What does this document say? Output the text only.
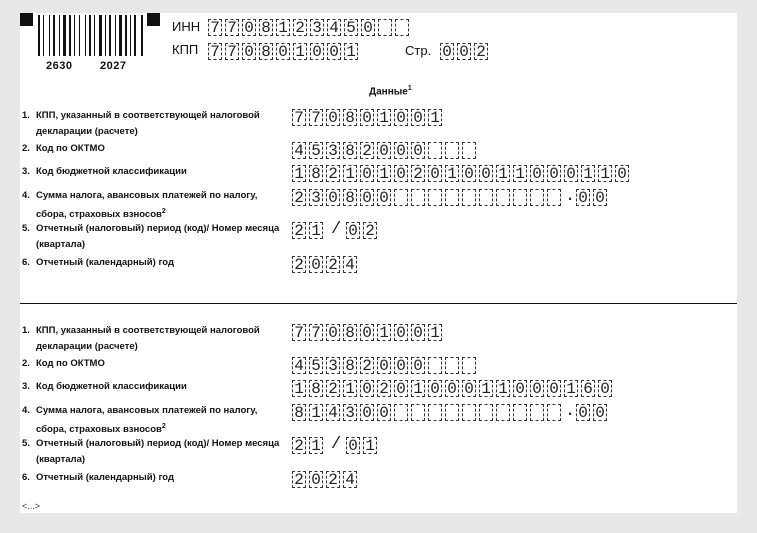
2630	2027
ИНН 7 7 0 8 1 2 3 4 5 0
КПП 7 7 0 8 0 1 0 0 1	Стр. 0 0 2
Данные$^1$
<...>
1. КПП, указанный в соответствующей налоговой декларации (расчете)
7 7 0 8 0 1 0 0 1
2. Код по ОКТМО	4 5 3 8 2 0 0 0
3. Код бюджетной классификации	1 8 2 1 0 1 0 2 0 1 0 0 1 1 0 0 0 1 1 0
4. Сумма налога, авансовых платежей по налогу, сбора, страховых взносов$^2$
2 3 0 8 0 0	. 0 0
5. Отчетный (налоговый) период (код)/ Номер месяца (квартала)
2 1 / 0 2
6. Отчетный (календарный) год	2 0 2 4
1. КПП, указанный в соответствующей налоговой декларации (расчете)
7 7 0 8 0 1 0 0 1
2. Код по ОКТМО	4 5 3 8 2 0 0 0
3. Код бюджетной классификации	1 8 2 1 0 2 0 1 0 0 0 1 1 0 0 0 1 6 0
4. Сумма налога, авансовых платежей по налогу, сбора, страховых взносов$^2$
8 1 4 3 0 0	. 0 0
5. Отчетный (налоговый) период (код)/ Номер месяца (квартала)
2 1 / 0 1
6. Отчетный (календарный) год	2 0 2 4
